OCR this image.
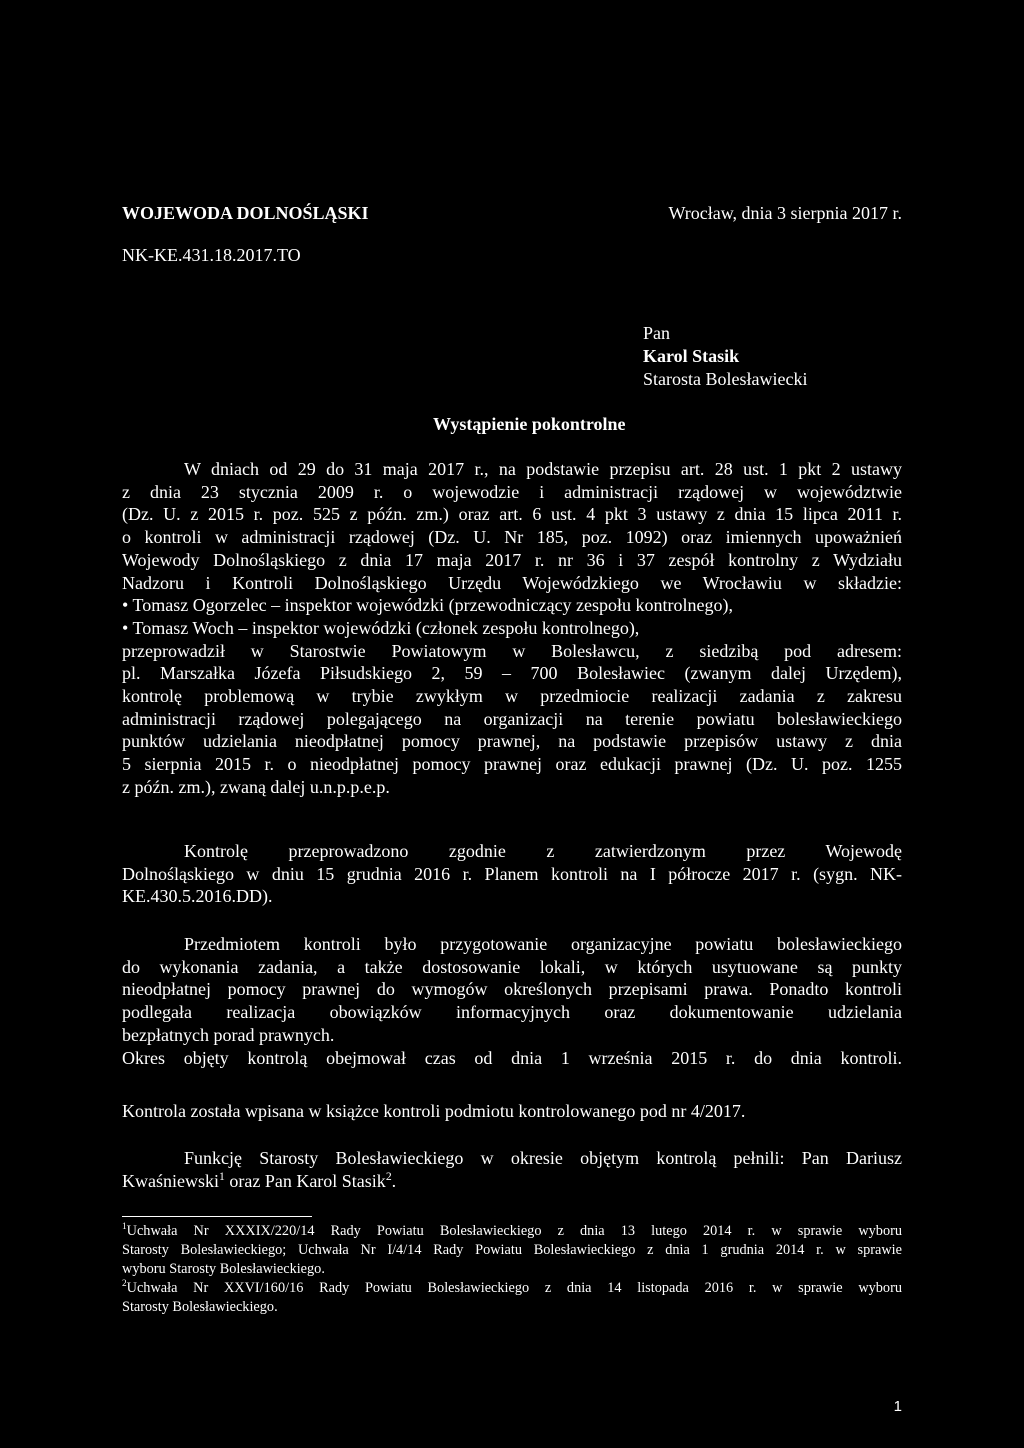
WOJEWODA DOLNOŚLĄSKI	Wrocław, dnia 3 sierpnia 2017 r.
NK-KE.431.18.2017.TO
Pan
Karol Stasik
Starosta Bolesławiecki
Wystąpienie pokontrolne
W dniach od 29 do 31 maja 2017 r., na podstawie przepisu art. 28 ust. 1 pkt 2 ustawy
z dnia 23 stycznia 2009 r. o wojewodzie i administracji rządowej w województwie
(Dz. U. z 2015 r. poz. 525 z późn. zm.) oraz art. 6 ust. 4 pkt 3 ustawy z dnia 15 lipca 2011 r.
o kontroli w administracji rządowej (Dz. U. Nr 185, poz. 1092) oraz imiennych upoważnień
Wojewody Dolnośląskiego z dnia 17 maja 2017 r. nr 36 i 37 zespół kontrolny z Wydziału
Nadzoru i Kontroli Dolnośląskiego Urzędu Wojewódzkiego we Wrocławiu w składzie:
• Tomasz Ogorzelec – inspektor wojewódzki (przewodniczący zespołu kontrolnego),
• Tomasz Woch – inspektor wojewódzki (członek zespołu kontrolnego),
przeprowadził w Starostwie Powiatowym w Bolesławcu, z siedzibą pod adresem:
pl. Marszałka Józefa Piłsudskiego 2, 59 – 700 Bolesławiec (zwanym dalej Urzędem),
kontrolę problemową w trybie zwykłym w przedmiocie realizacji zadania z zakresu
administracji rządowej polegającego na organizacji na terenie powiatu bolesławieckiego
punktów udzielania nieodpłatnej pomocy prawnej, na podstawie przepisów ustawy z dnia
5 sierpnia 2015 r. o nieodpłatnej pomocy prawnej oraz edukacji prawnej (Dz. U. poz. 1255
z późn. zm.), zwaną dalej u.n.p.p.e.p.
Kontrolę przeprowadzono zgodnie z zatwierdzonym przez Wojewodę
Dolnośląskiego w dniu 15 grudnia 2016 r. Planem kontroli na I półrocze 2017 r. (sygn. NK-
KE.430.5.2016.DD).
Przedmiotem kontroli było przygotowanie organizacyjne powiatu bolesławieckiego
do wykonania zadania, a także dostosowanie lokali, w których usytuowane są punkty
nieodpłatnej pomocy prawnej do wymogów określonych przepisami prawa. Ponadto kontroli
podlegała realizacja obowiązków informacyjnych oraz dokumentowanie udzielania
bezpłatnych porad prawnych.
Okres objęty kontrolą obejmował czas od dnia 1 września 2015 r. do dnia kontroli.
Kontrola została wpisana w książce kontroli podmiotu kontrolowanego pod nr 4/2017.
Funkcję Starosty Bolesławieckiego w okresie objętym kontrolą pełnili: Pan Dariusz
Kwaśniewski$^1$ oraz Pan Karol Stasik$^2$.
$^1$Uchwała Nr XXXIX/220/14 Rady Powiatu Bolesławieckiego z dnia 13 lutego 2014 r. w sprawie wyboru
Starosty Bolesławieckiego; Uchwała Nr I/4/14 Rady Powiatu Bolesławieckiego z dnia 1 grudnia 2014 r. w sprawie
wyboru Starosty Bolesławieckiego.
$^2$Uchwała Nr XXVI/160/16 Rady Powiatu Bolesławieckiego z dnia 14 listopada 2016 r. w sprawie wyboru
Starosty Bolesławieckiego.
1
